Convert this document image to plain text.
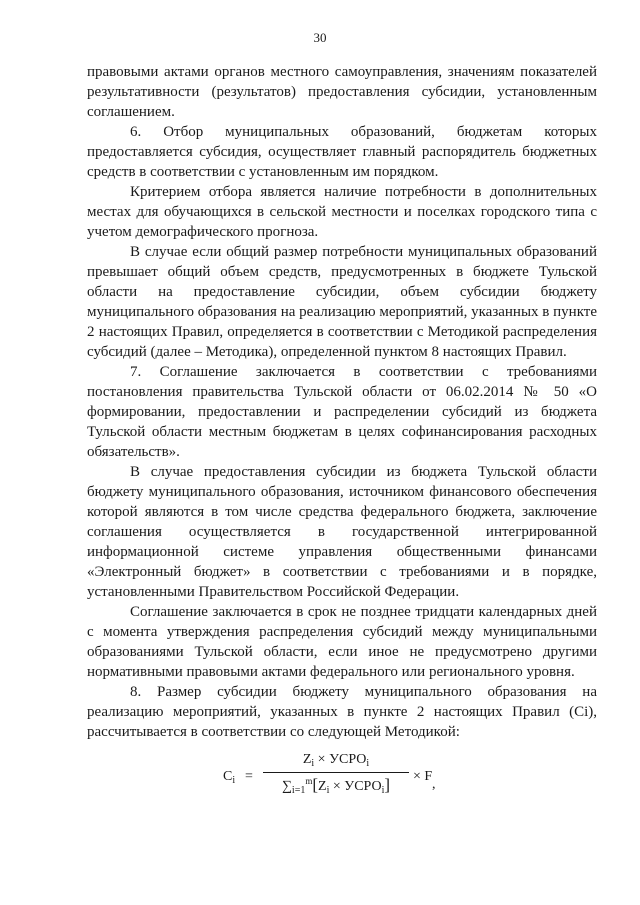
30

правовыми актами органов местного самоуправления, значениям показателей результативности (результатов) предоставления субсидии, установленным соглашением.

6. Отбор муниципальных образований, бюджетам которых предоставляется субсидия, осуществляет главный распорядитель бюджетных средств в соответствии с установленным им порядком.

Критерием отбора является наличие потребности в дополнительных местах для обучающихся в сельской местности и поселках городского типа с учетом демографического прогноза.

В случае если общий размер потребности муниципальных образований превышает общий объем средств, предусмотренных в бюджете Тульской области на предоставление субсидии, объем субсидии бюджету муниципального образования на реализацию мероприятий, указанных в пункте 2 настоящих Правил, определяется в соответствии с Методикой распределения субсидий (далее – Методика), определенной пунктом 8 настоящих Правил.

7. Соглашение заключается в соответствии с требованиями постановления правительства Тульской области от 06.02.2014 № 50 «О формировании, предоставлении и распределении субсидий из бюджета Тульской области местным бюджетам в целях софинансирования расходных обязательств».

В случае предоставления субсидии из бюджета Тульской области бюджету муниципального образования, источником финансового обеспечения которой являются в том числе средства федерального бюджета, заключение соглашения осуществляется в государственной интегрированной информационной системе управления общественными финансами «Электронный бюджет» в соответствии с требованиями и в порядке, установленными Правительством Российской Федерации.

Соглашение заключается в срок не позднее тридцати календарных дней с момента утверждения распределения субсидий между муниципальными образованиями Тульской области, если иное не предусмотрено другими нормативными правовыми актами федерального или регионального уровня.

8. Размер субсидии бюджету муниципального образования на реализацию мероприятий, указанных в пункте 2 настоящих Правил (Ci), рассчитывается в соответствии со следующей Методикой:

$C_i$ =
$Z_i$ × $УСРО_i$
$\sum_{i=1}^m[Z_i$ × $УСРО_i$]	× F
,
